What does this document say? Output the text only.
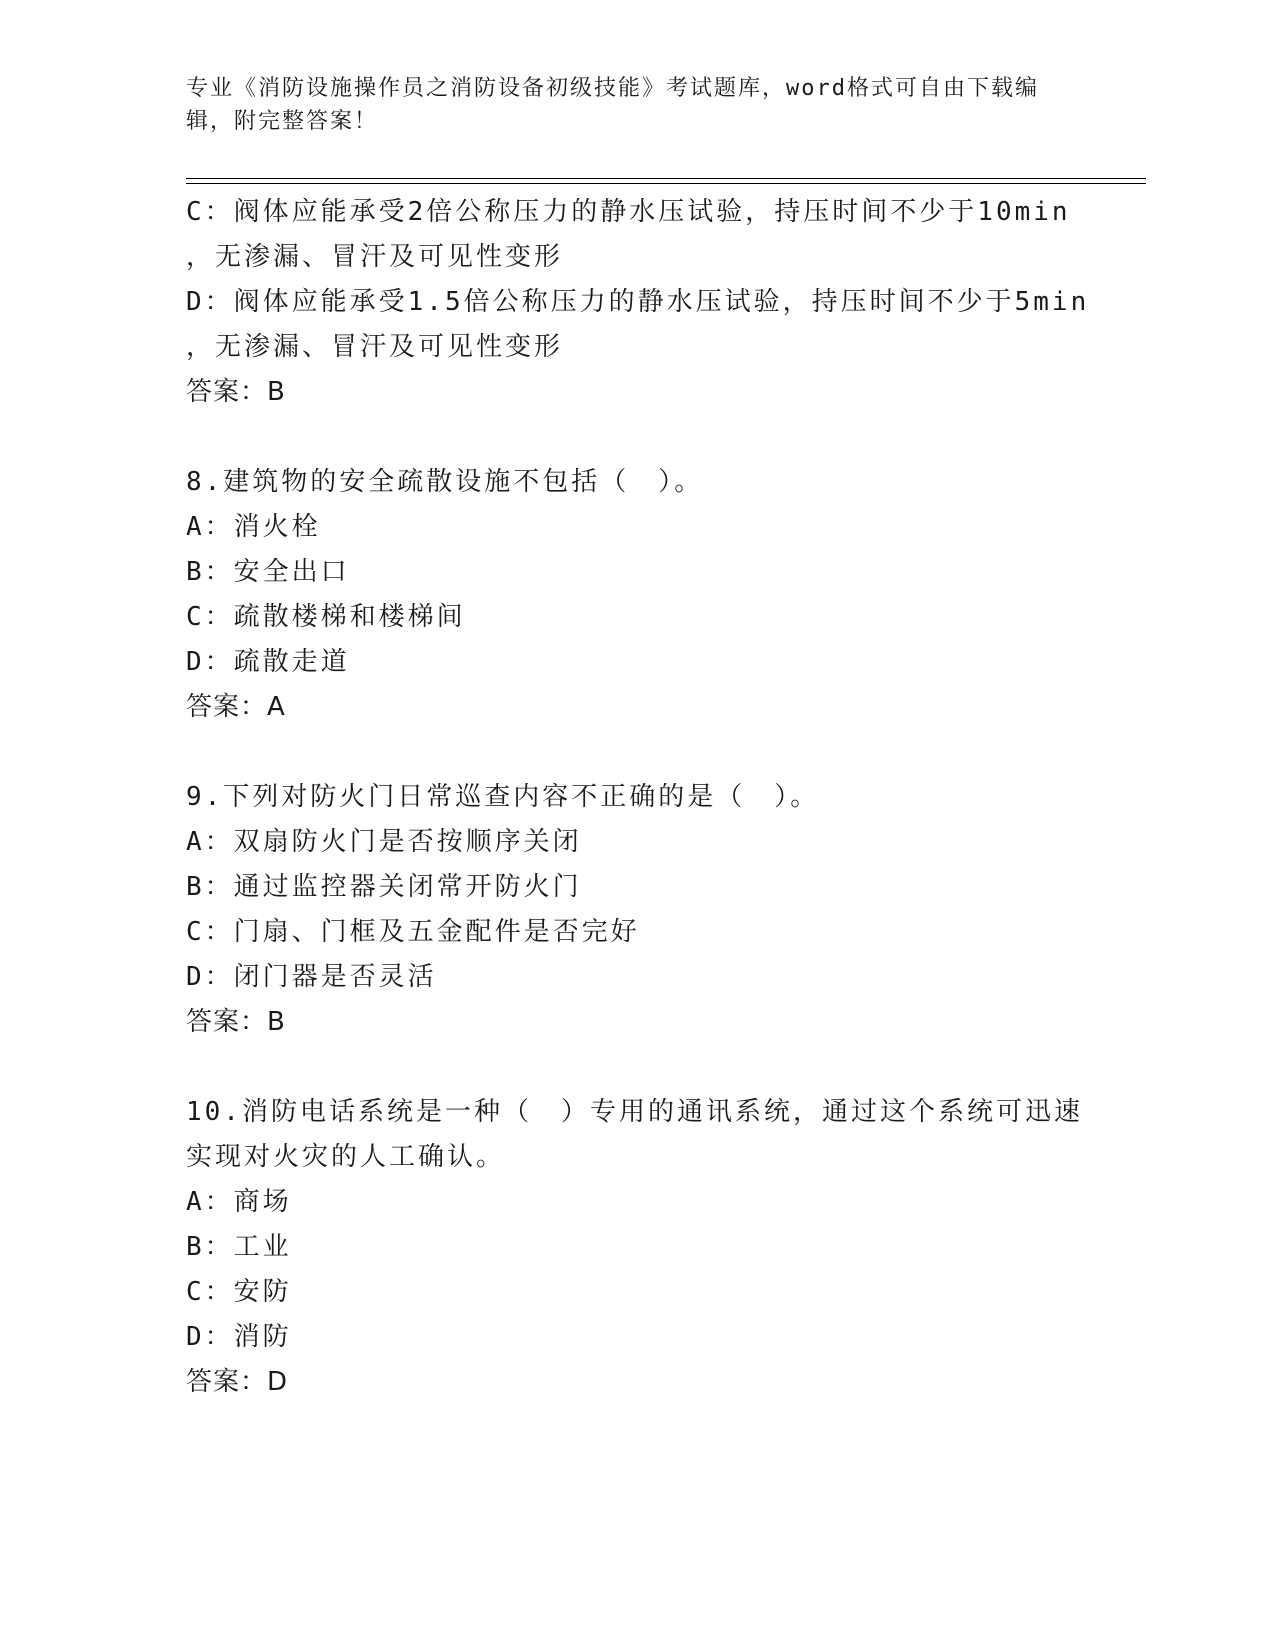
专业《消防设施操作员之消防设备初级技能》考试题库，word格式可自由下载编
辑，附完整答案！
C：阀体应能承受2倍公称压力的静水压试验，持压时间不少于10min
，无渗漏、冒汗及可见性变形
D：阀体应能承受1.5倍公称压力的静水压试验，持压时间不少于5min
，无渗漏、冒汗及可见性变形
答案：B
8.建筑物的安全疏散设施不包括（　）。
A：消火栓
B：安全出口
C：疏散楼梯和楼梯间
D：疏散走道
答案：A
9.下列对防火门日常巡查内容不正确的是（　）。
A：双扇防火门是否按顺序关闭
B：通过监控器关闭常开防火门
C：门扇、门框及五金配件是否完好
D：闭门器是否灵活
答案：B
10.消防电话系统是一种（　）专用的通讯系统，通过这个系统可迅速
实现对火灾的人工确认。
A：商场
B：工业
C：安防
D：消防
答案：D
